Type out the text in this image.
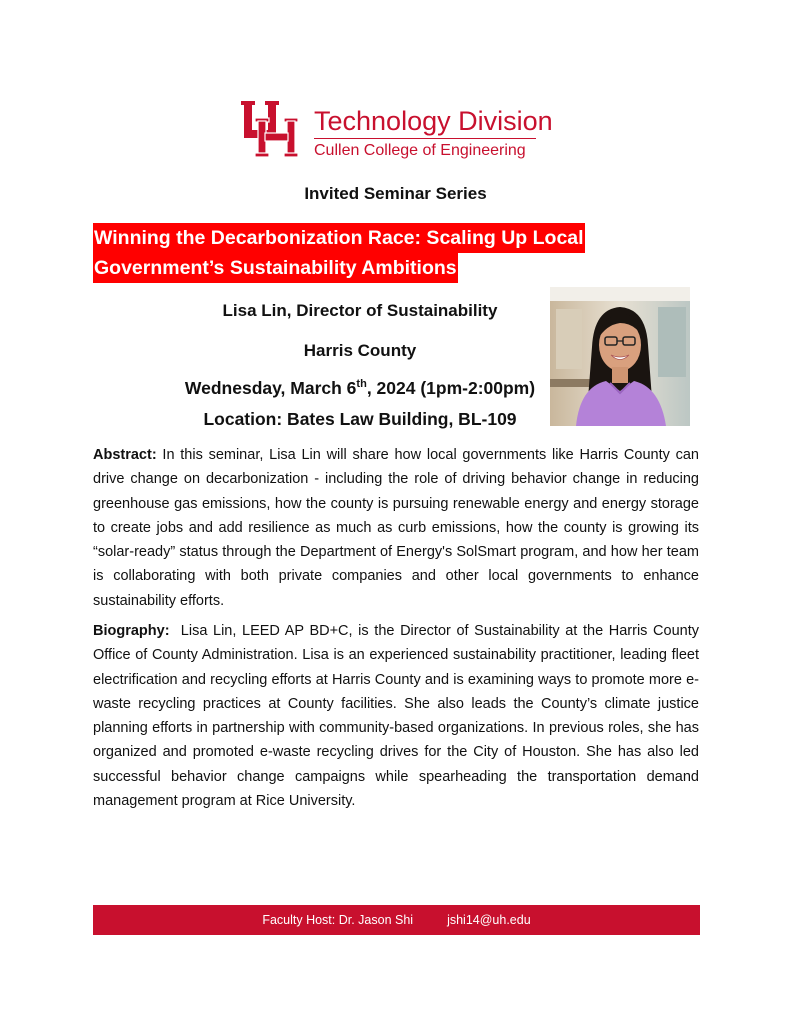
Technology Division
Cullen College of Engineering
Invited Seminar Series
Winning the Decarbonization Race: Scaling Up Local
Government’s Sustainability Ambitions
Lisa Lin, Director of Sustainability
Harris County
Wednesday, March 6th, 2024 (1pm-2:00pm)
Location: Bates Law Building, BL-109

Abstract: In this seminar, Lisa Lin will share how local governments like Harris County can drive change on decarbonization - including the role of driving behavior change in reducing greenhouse gas emissions, how the county is pursuing renewable energy and energy storage to create jobs and add resilience as much as curb emissions, how the county is growing its “solar-ready” status through the Department of Energy's SolSmart program, and how her team is collaborating with both private companies and other local governments to enhance sustainability efforts.

Biography:  Lisa Lin, LEED AP BD+C, is the Director of Sustainability at the Harris County Office of County Administration. Lisa is an experienced sustainability practitioner, leading fleet electrification and recycling efforts at Harris County and is examining ways to promote more e-waste recycling practices at County facilities. She also leads the County’s climate justice planning efforts in partnership with community-based organizations. In previous roles, she has organized and promoted e-waste recycling drives for the City of Houston. She has also led successful behavior change campaigns while spearheading the transportation demand management program at Rice University.

Faculty Host: Dr. Jason Shi	jshi14@uh.edu
